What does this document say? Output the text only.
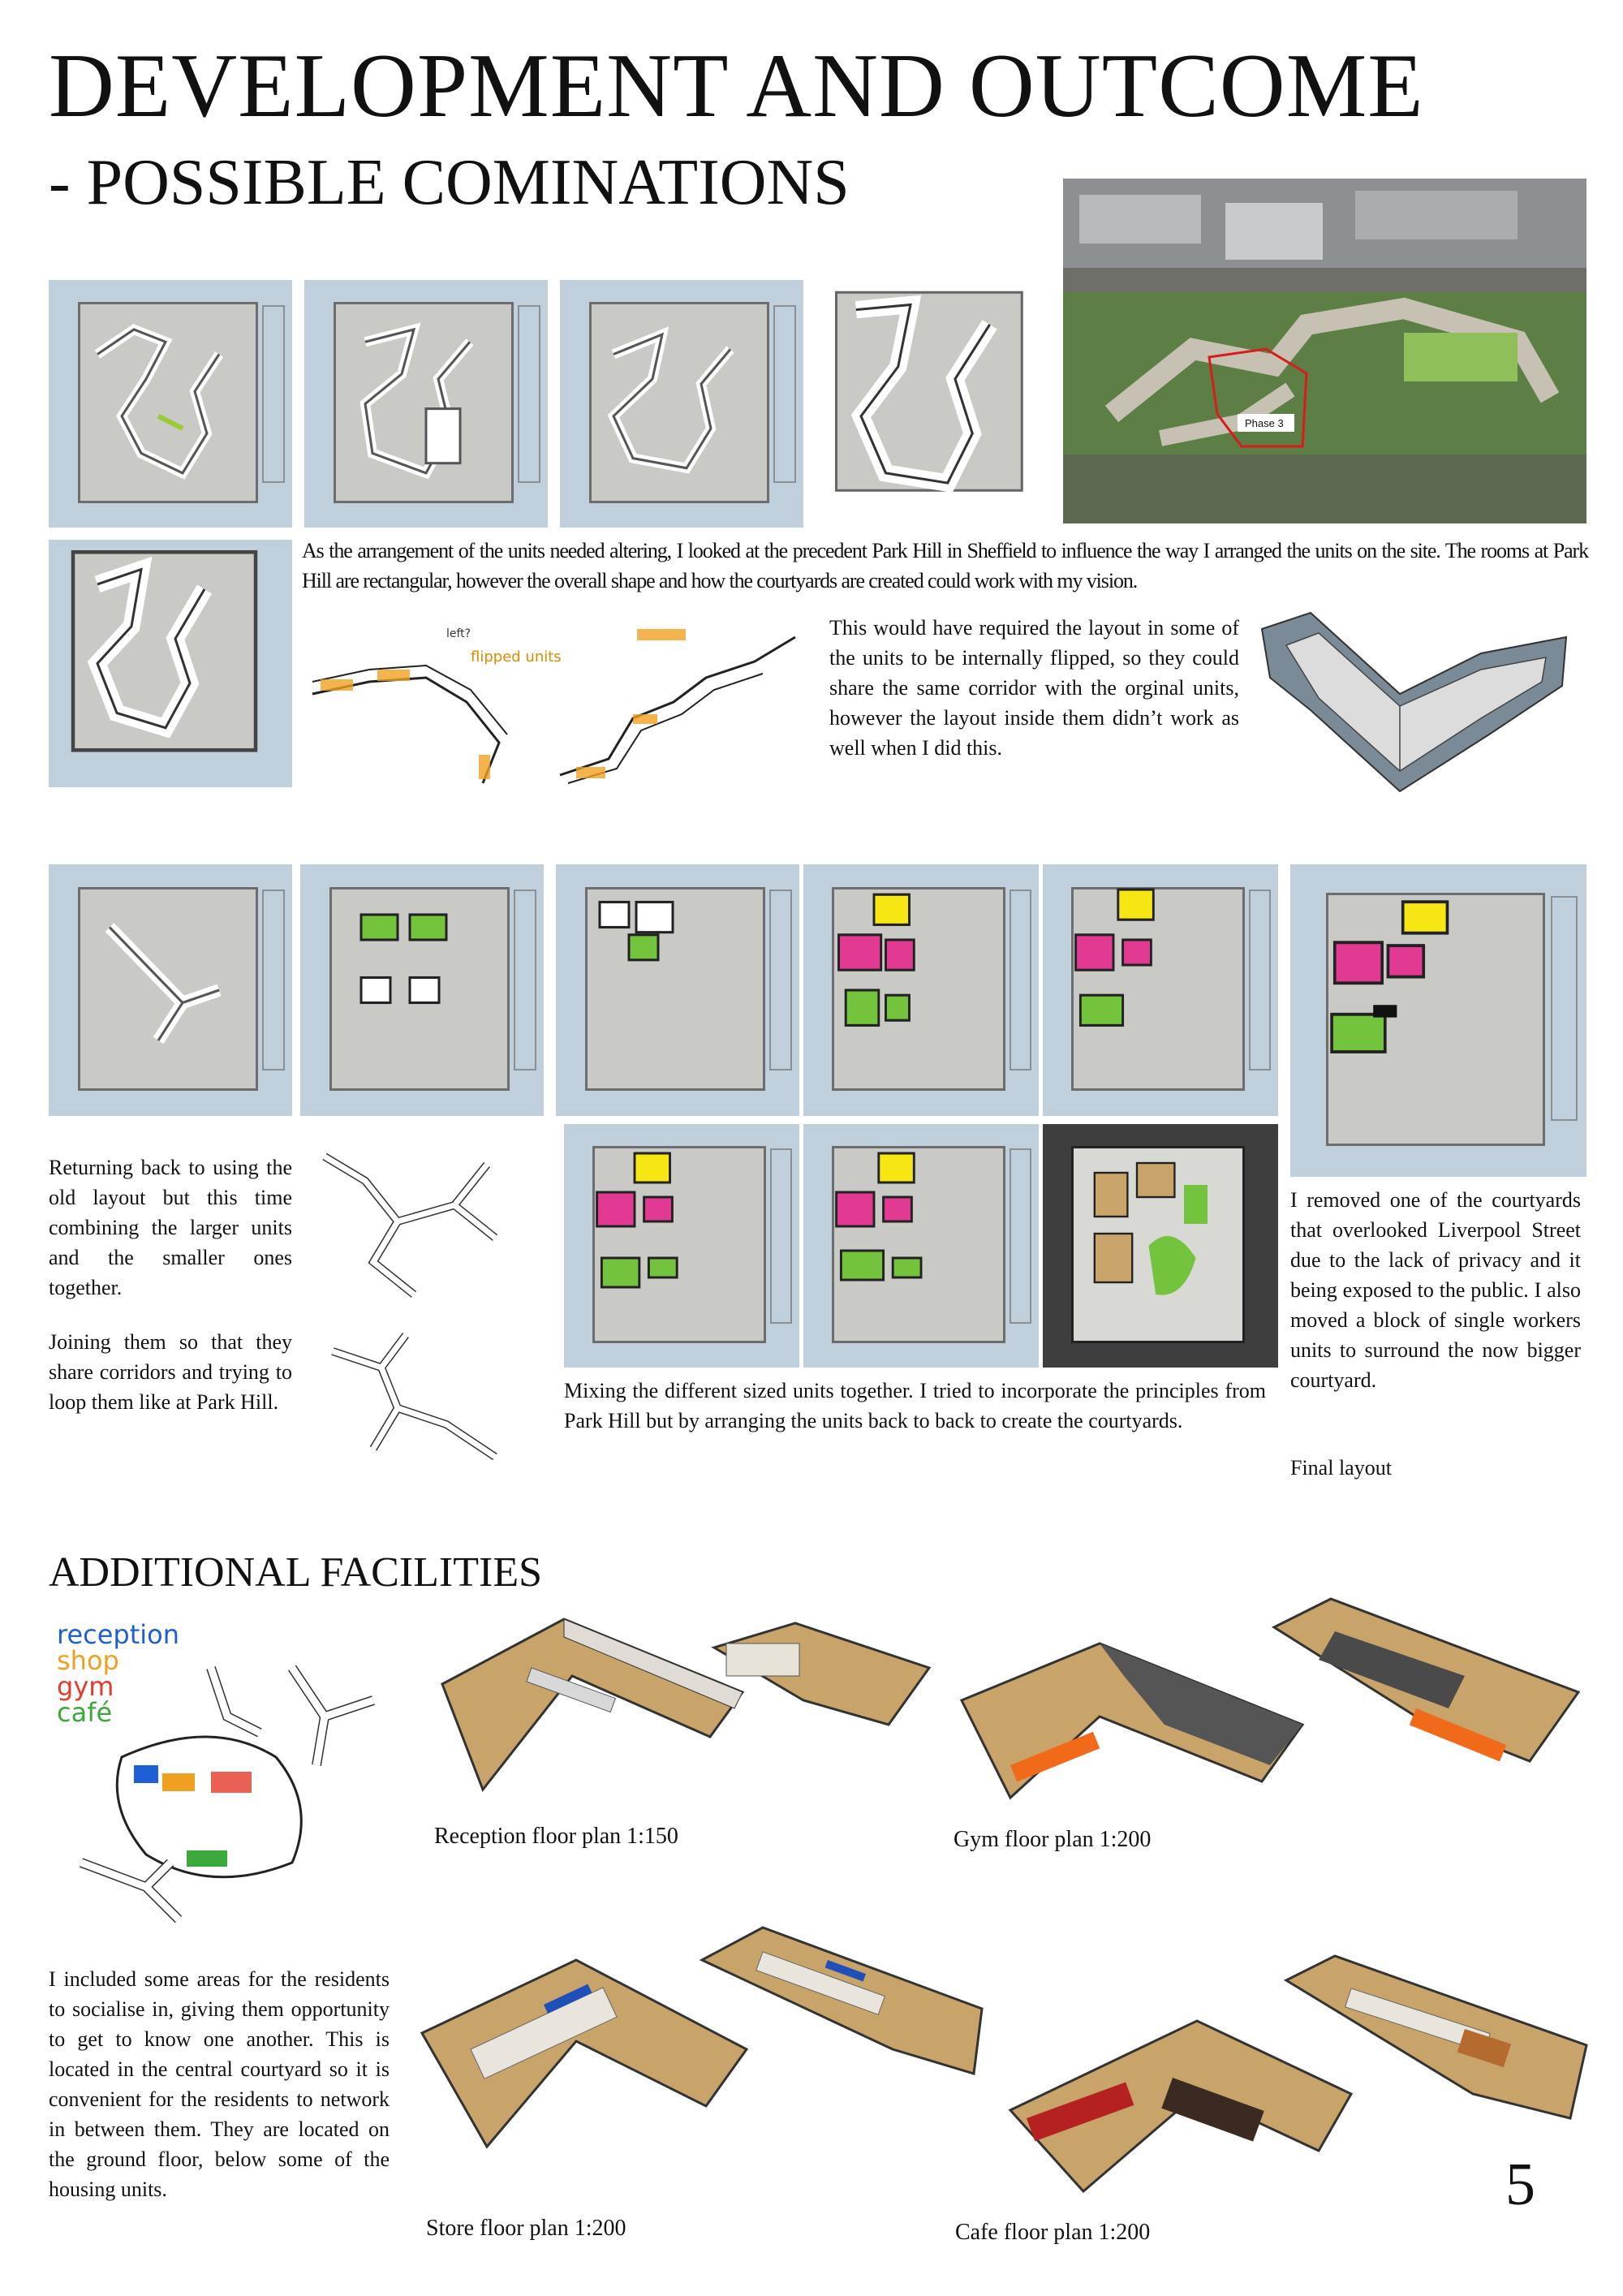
DEVELOPMENT AND OUTCOME
- POSSIBLE COMINATIONS
Phase 3
As the arrangement of the units needed altering, I looked at the precedent Park Hill in Sheffield to influence the way I arranged the units on the site. The rooms at Park Hill are rectangular, however the overall shape and how the courtyards are created could work with my vision.
left?
flipped units
This would have required the layout in some of the units to be internally flipped, so they could share the same corridor with the orginal units, however the layout inside them didn’t work as well when I did this.
Returning back to using the old layout but this time combining the larger units and the smaller ones together.
Joining them so that they share corridors and trying to loop them like at Park Hill.
I removed one of the courtyards that overlooked Liverpool Street due to the lack of privacy and it being exposed to the public. I also moved a block of single workers units to surround the now bigger courtyard.
Final layout
Mixing the different sized units together. I tried to incorporate the principles from Park Hill but by arranging the units back to back to create the courtyards.
ADDITIONAL FACILITIES
reception
shop
gym
café
I included some areas for the residents to socialise in, giving them opportunity to get to know one another. This is located in the central courtyard so it is convenient for the residents to network in between them. They are located on the ground floor, below some of the housing units.
Reception floor plan 1:150	Gym floor plan 1:200
Store floor plan 1:200	Cafe floor plan 1:200
5
